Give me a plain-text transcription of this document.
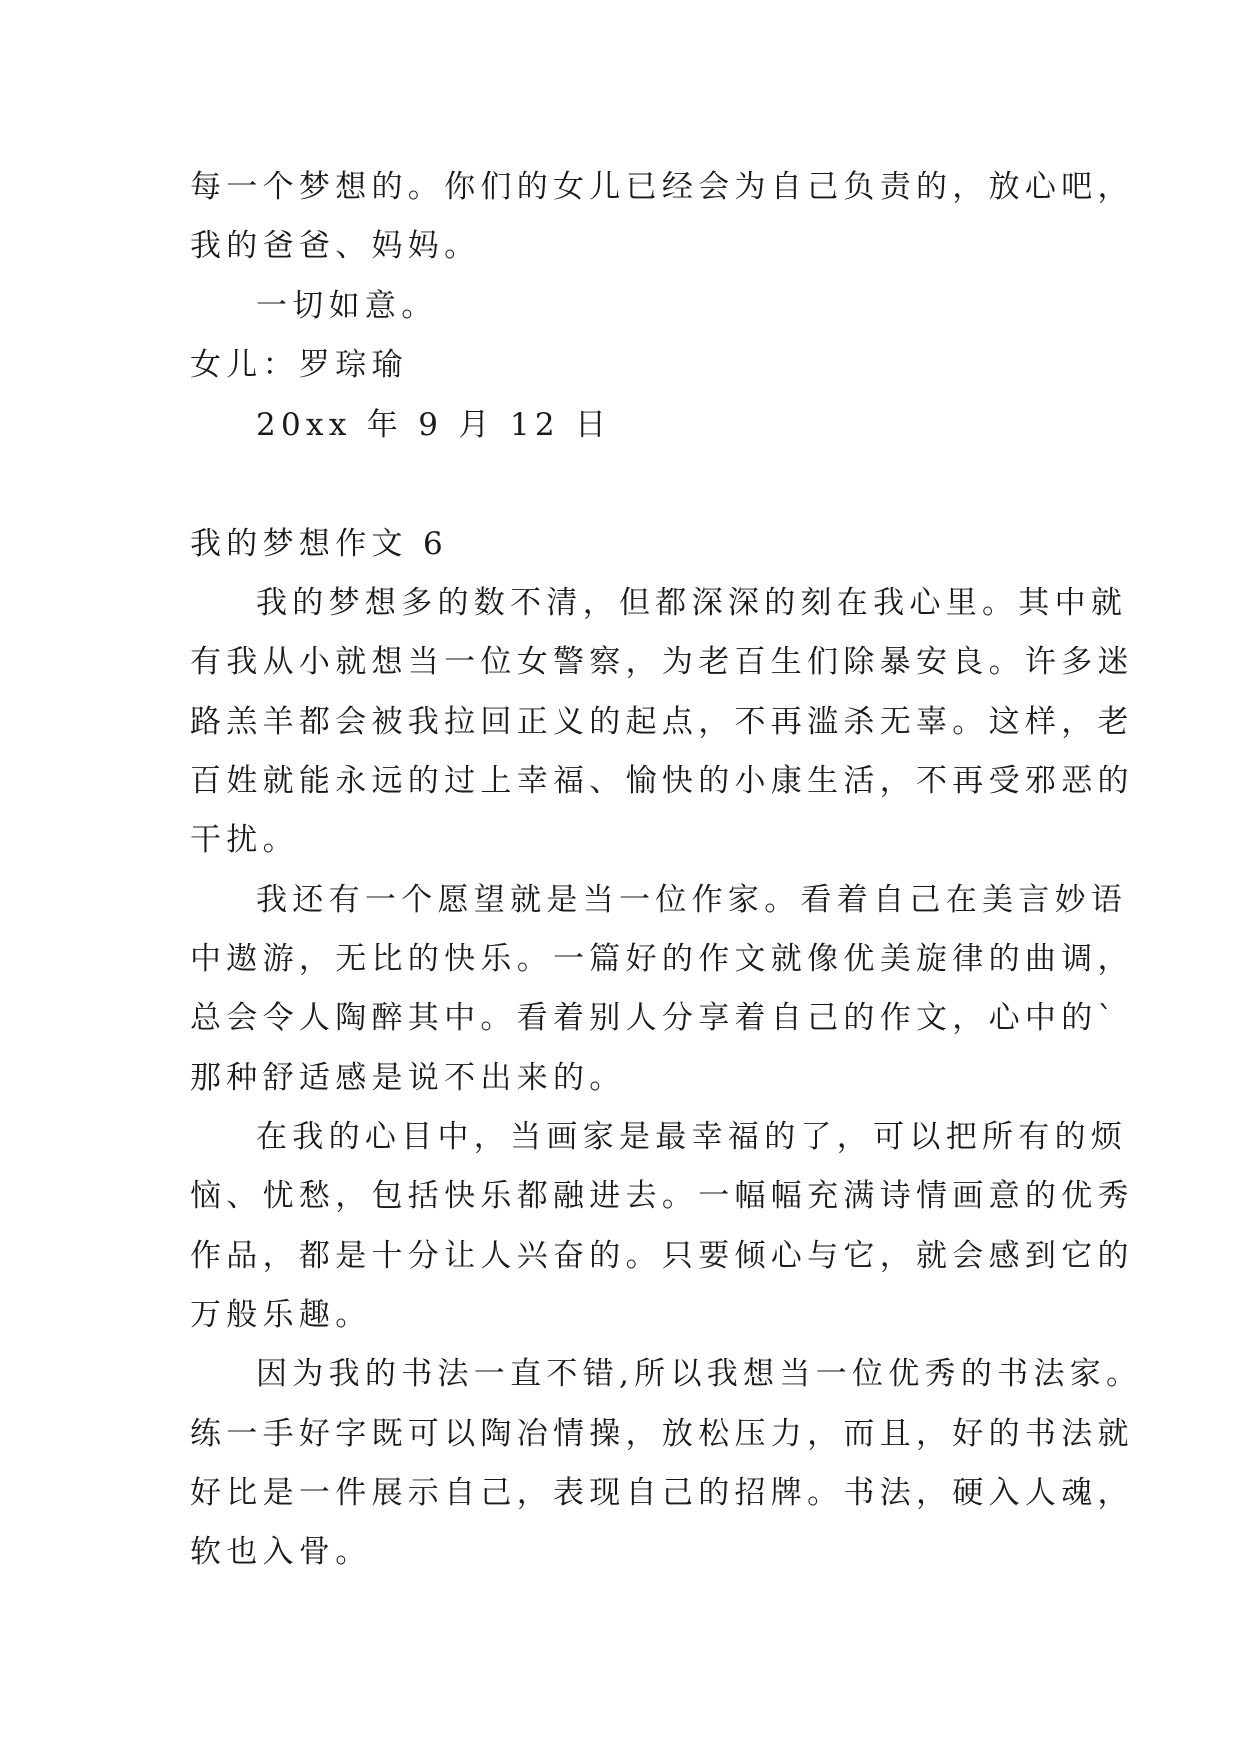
每一个梦想的。你们的女儿已经会为自己负责的，放心吧，
我的爸爸、妈妈。
一切如意。
女儿：罗琮瑜
20xx 年 9 月 12 日
我的梦想作文 6
我的梦想多的数不清，但都深深的刻在我心里。其中就
有我从小就想当一位女警察，为老百生们除暴安良。许多迷
路羔羊都会被我拉回正义的起点，不再滥杀无辜。这样，老
百姓就能永远的过上幸福、愉快的小康生活，不再受邪恶的
干扰。
我还有一个愿望就是当一位作家。看着自己在美言妙语
中遨游，无比的快乐。一篇好的作文就像优美旋律的曲调，
总会令人陶醉其中。看着别人分享着自己的作文，心中的`
那种舒适感是说不出来的。
在我的心目中，当画家是最幸福的了，可以把所有的烦
恼、忧愁，包括快乐都融进去。一幅幅充满诗情画意的优秀
作品，都是十分让人兴奋的。只要倾心与它，就会感到它的
万般乐趣。
因为我的书法一直不错,所以我想当一位优秀的书法家。
练一手好字既可以陶冶情操，放松压力，而且，好的书法就
好比是一件展示自己，表现自己的招牌。书法，硬入人魂，
软也入骨。
